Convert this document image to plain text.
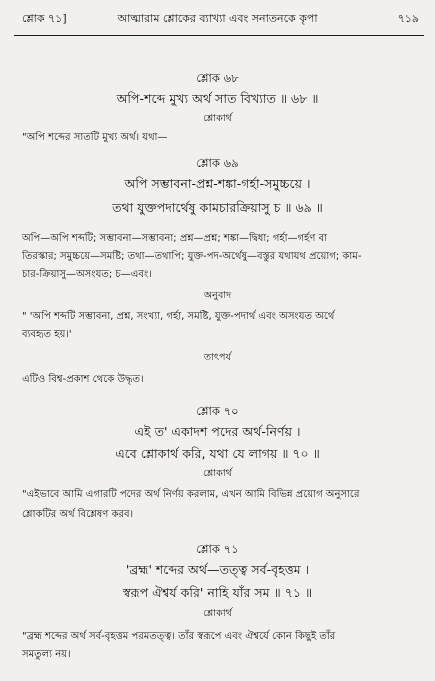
শ্লোক ৭১]	আত্মারাম শ্লোকের ব্যাখ্যা এবং সনাতনকে কৃপা	৭১৯
শ্লোক ৬৮
অপি-শব্দে মুখ্য অর্থ সাত বিখ্যাত ॥ ৬৮ ॥
শ্লোকার্থ
"অপি শব্দের সাতটি মুখ্য অর্থ। যথা—
শ্লোক ৬৯
অপি সম্ভাবনা-প্রশ্ন-শঙ্কা-গর্হা-সমুচ্চয়ে ।
তথা যুক্তপদার্থেষু কামচারক্রিয়াসু চ ॥ ৬৯ ॥
অপি—অপি শব্দটি; সম্ভাবনা—সম্ভাবনা; প্রশ্ন—প্রশ্ন; শঙ্কা—দ্বিধা; গর্হা—গর্হণ বা
তিরস্কার; সমুচ্চয়ে—সমষ্টি; তথা—তথাপি; যুক্ত-পদ-অর্থেষু—বস্তুর যথাযথ প্রয়োগ; কাম-
চার-ক্রিয়াসু—অসংযত; চ—এবং।
অনুবাদ
" 'অপি শব্দটি সম্ভাবনা, প্রশ্ন, সংখ্যা, গর্হা, সমষ্টি, যুক্ত-পদার্থ এবং অসংযত অর্থে
ব্যবহৃত হয়।'
তাৎপর্য
এটিও বিশ্ব-প্রকাশ থেকে উদ্ধৃত।
শ্লোক ৭০
এই ত' একাদশ পদের অর্থ-নির্ণয় ।
এবে শ্লোকার্থ করি, যথা যে লাগয় ॥ ৭০ ॥
শ্লোকার্থ
"এইভাবে আমি এগারটি পদের অর্থ নির্ণয় করলাম, এখন আমি বিভিন্ন প্রয়োগ অনুসারে
শ্লোকটির অর্থ বিশ্লেষণ করব।
শ্লোক ৭১
'ব্রহ্ম' শব্দের অর্থ—তত্ত্ব সর্ব-বৃহত্তম ।
স্বরূপ ঐশ্বর্য করি' নাহি যাঁর সম ॥ ৭১ ॥
শ্লোকার্থ
"ব্রহ্ম শব্দের অর্থ সর্ব-বৃহত্তম পরমতত্ত্ব। তাঁর স্বরূপে এবং ঐশ্বর্যে কোন কিছুই তাঁর
সমতুল্য নয়।
